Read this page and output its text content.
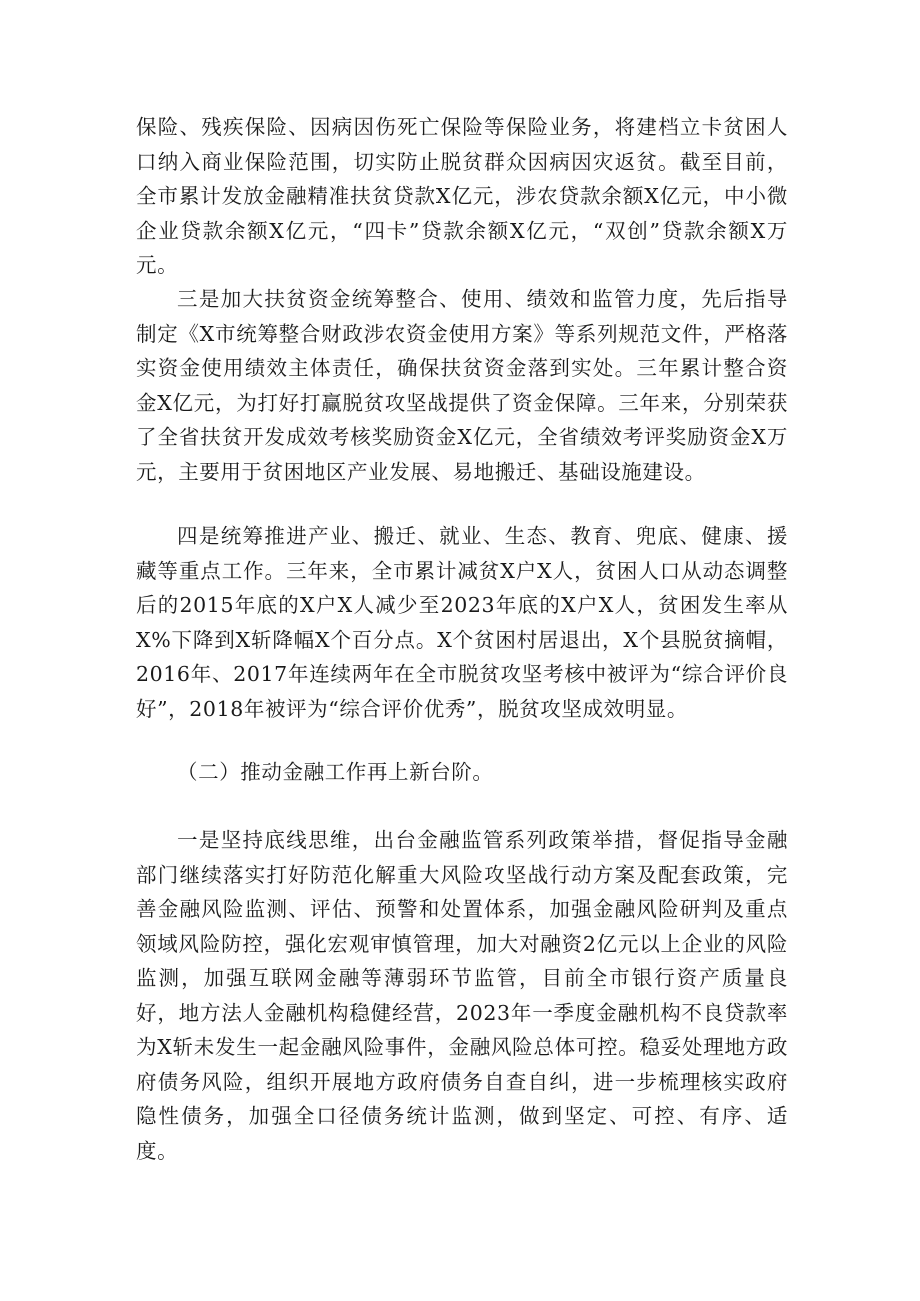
保险、残疾保险、因病因伤死亡保险等保险业务，将建档立卡贫困人口纳入商业保险范围，切实防止脱贫群众因病因灾返贫。截至目前，全市累计发放金融精准扶贫贷款X亿元，涉农贷款余额X亿元，中小微企业贷款余额X亿元，“四卡”贷款余额X亿元，“双创”贷款余额X万元。

三是加大扶贫资金统筹整合、使用、绩效和监管力度，先后指导制定《X市统筹整合财政涉农资金使用方案》等系列规范文件，严格落实资金使用绩效主体责任，确保扶贫资金落到实处。三年累计整合资金X亿元，为打好打赢脱贫攻坚战提供了资金保障。三年来，分别荣获了全省扶贫开发成效考核奖励资金X亿元，全省绩效考评奖励资金X万元，主要用于贫困地区产业发展、易地搬迁、基础设施建设。

四是统筹推进产业、搬迁、就业、生态、教育、兜底、健康、援藏等重点工作。三年来，全市累计减贫X户X人，贫困人口从动态调整后的2015年底的X户X人减少至2023年底的X户X人，贫困发生率从X%下降到X斩降幅X个百分点。X个贫困村居退出，X个县脱贫摘帽，2016年、2017年连续两年在全市脱贫攻坚考核中被评为“综合评价良好”，2018年被评为“综合评价优秀”，脱贫攻坚成效明显。

（二）推动金融工作再上新台阶。

一是坚持底线思维，出台金融监管系列政策举措，督促指导金融部门继续落实打好防范化解重大风险攻坚战行动方案及配套政策，完善金融风险监测、评估、预警和处置体系，加强金融风险研判及重点领域风险防控，强化宏观审慎管理，加大对融资2亿元以上企业的风险监测，加强互联网金融等薄弱环节监管，目前全市银行资产质量良好，地方法人金融机构稳健经营，2023年一季度金融机构不良贷款率为X斩未发生一起金融风险事件，金融风险总体可控。稳妥处理地方政府债务风险，组织开展地方政府债务自查自纠，进一步梳理核实政府隐性债务，加强全口径债务统计监测，做到坚定、可控、有序、适度。
